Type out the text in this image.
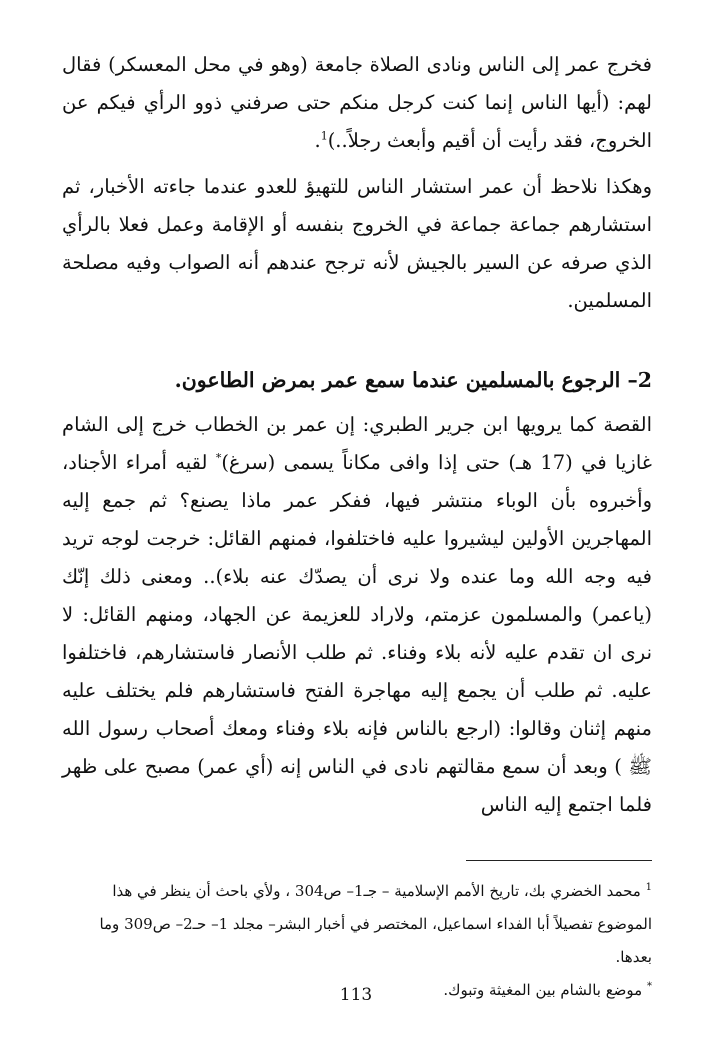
فخرج عمر إلى الناس ونادى الصلاة جامعة (وهو في محل المعسكر) فقال لهم: (أيها الناس إنما كنت كرجل منكم حتى صرفني ذوو الرأي فيكم عن الخروج، فقد رأيت أن أقيم وأبعث رجلاً..)$^1$.

وهكذا نلاحظ أن عمر استشار الناس للتهيؤ للعدو عندما جاءته الأخبار، ثم استشارهم جماعة جماعة في الخروج بنفسه أو الإقامة وعمل فعلا بالرأي الذي صرفه عن السير بالجيش لأنه ترجح عندهم أنه الصواب وفيه مصلحة المسلمين.

2– الرجوع بالمسلمين عندما سمع عمر بمرض الطاعون.

القصة كما يرويها ابن جرير الطبري: إن عمر بن الخطاب خرج إلى الشام غازيا في (17 هـ) حتى إذا وافى مكاناً يسمى (سرغ)* لقيه أمراء الأجناد، وأخبروه بأن الوباء منتشر فيها، ففكر عمر ماذا يصنع؟ ثم جمع إليه المهاجرين الأولين ليشيروا عليه فاختلفوا، فمنهم القائل: خرجت لوجه تريد فيه وجه الله وما عنده ولا نرى أن يصدّك عنه بلاء).. ومعنى ذلك إنّك (ياعمر) والمسلمون عزمتم، ولاراد للعزيمة عن الجهاد، ومنهم القائل: لا نرى ان تقدم عليه لأنه بلاء وفناء. ثم طلب الأنصار فاستشارهم، فاختلفوا عليه. ثم طلب أن يجمع إليه مهاجرة الفتح فاستشارهم فلم يختلف عليه منهم إثنان وقالوا: (ارجع بالناس فإنه بلاء وفناء ومعك أصحاب رسول الله ﷺ ) وبعد أن سمع مقالتهم نادى في الناس إنه (أي عمر) مصبح على ظهر فلما اجتمع إليه الناس

$^1$ محمد الخضري بك، تاريخ الأمم الإسلامية – جـ1– ص304 ، ولأي باحث أن ينظر في هذا الموضوع تفصيلاً أبا الفداء اسماعيل، المختصر في أخبار البشر– مجلد 1– حـ2– ص309 وما بعدها.

* موضع بالشام بين المغيثة وتبوك.

113
